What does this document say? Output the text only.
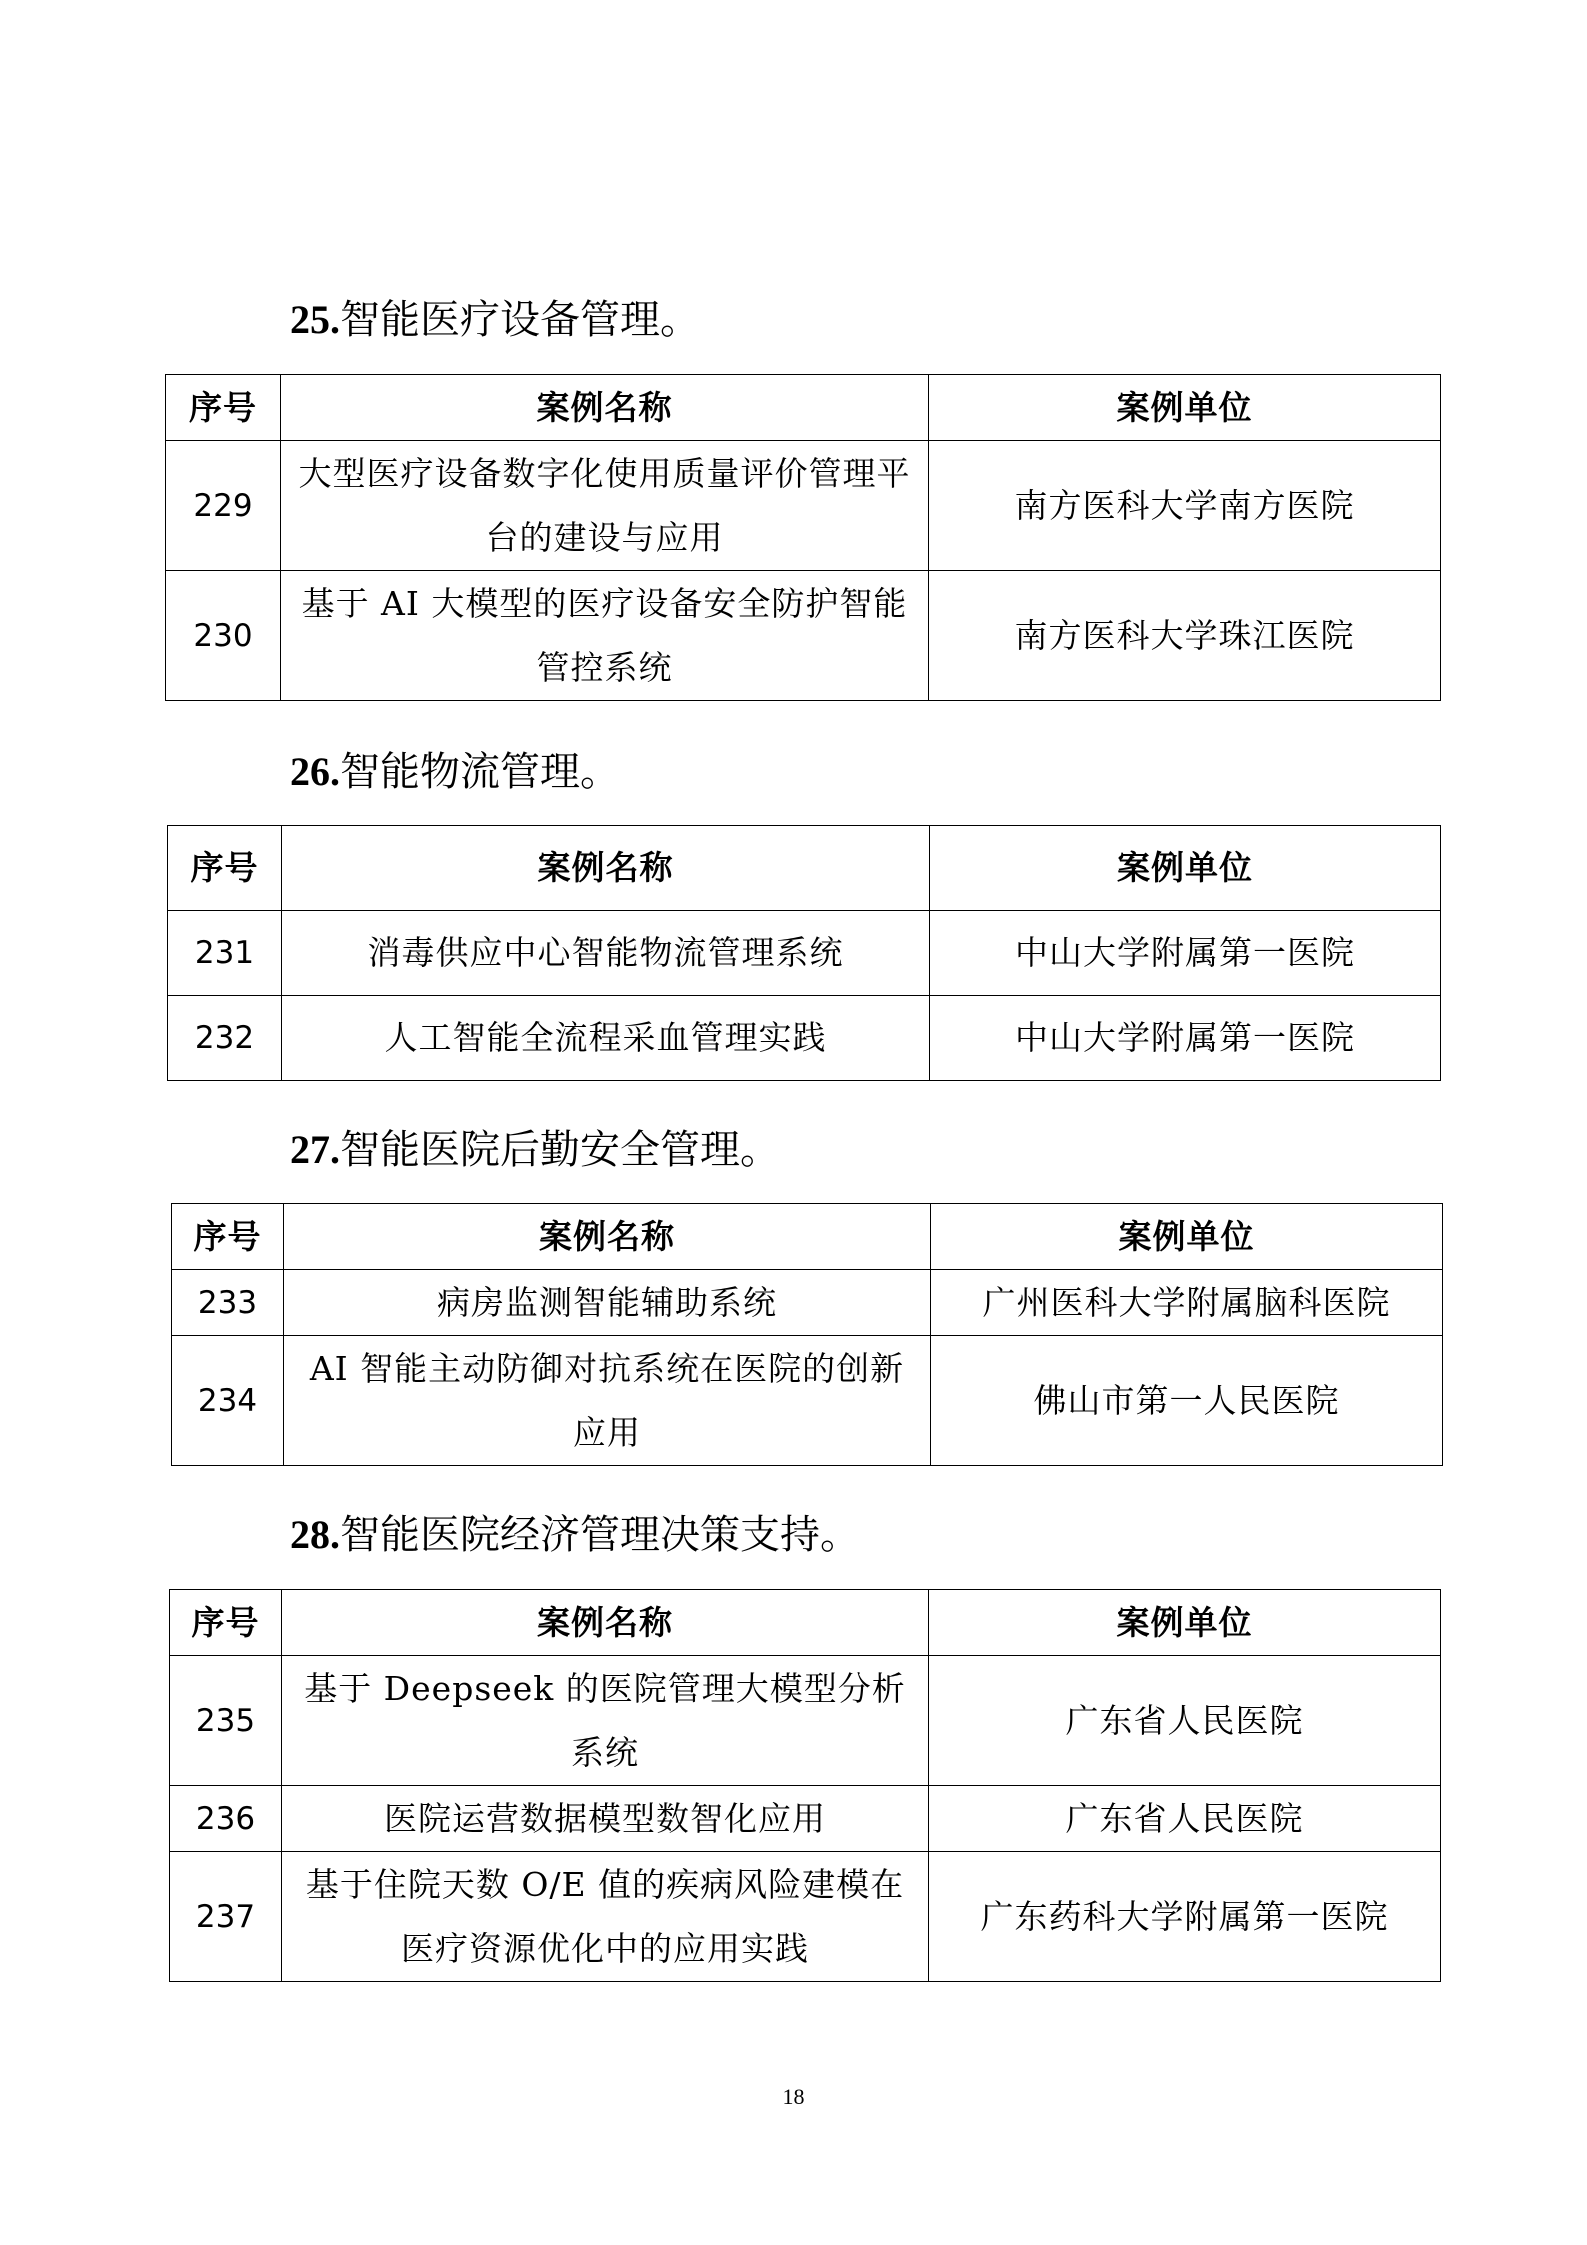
25.智能医疗设备管理。
序号	案例名称	案例单位
229	大型医疗设备数字化使用质量评价管理平台的建设与应用	南方医科大学南方医院
230	基于 AI 大模型的医疗设备安全防护智能管控系统	南方医科大学珠江医院
26.智能物流管理。
序号	案例名称	案例单位
231	消毒供应中心智能物流管理系统	中山大学附属第一医院
232	人工智能全流程采血管理实践	中山大学附属第一医院
27.智能医院后勤安全管理。
序号	案例名称	案例单位
233	病房监测智能辅助系统	广州医科大学附属脑科医院
234	AI 智能主动防御对抗系统在医院的创新应用	佛山市第一人民医院
28.智能医院经济管理决策支持。
序号	案例名称	案例单位
235	基于 Deepseek 的医院管理大模型分析系统	广东省人民医院
236	医院运营数据模型数智化应用	广东省人民医院
237	基于住院天数 O/E 值的疾病风险建模在医疗资源优化中的应用实践	广东药科大学附属第一医院
18
